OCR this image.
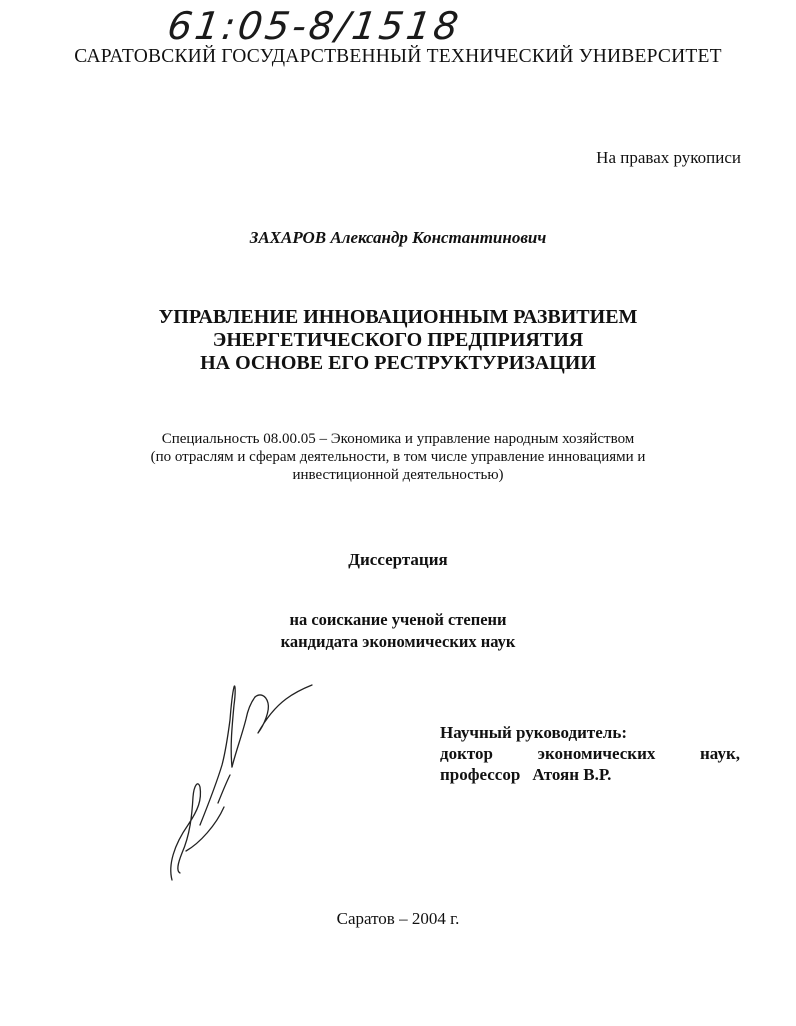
61:05-8/1518
САРАТОВСКИЙ ГОСУДАРСТВЕННЫЙ ТЕХНИЧЕСКИЙ УНИВЕРСИТЕТ
На правах рукописи
ЗАХАРОВ Александр Константинович
УПРАВЛЕНИЕ ИННОВАЦИОННЫМ РАЗВИТИЕМ
ЭНЕРГЕТИЧЕСКОГО ПРЕДПРИЯТИЯ
НА ОСНОВЕ ЕГО РЕСТРУКТУРИЗАЦИИ
Специальность 08.00.05 – Экономика и управление народным хозяйством
(по отраслям и сферам деятельности, в том числе управление инновациями и
инвестиционной деятельностью)
Диссертация
на соискание ученой степени
кандидата экономических наук
Научный руководитель:
доктор	экономических	наук,
профессор Атоян В.Р.
Саратов – 2004 г.
